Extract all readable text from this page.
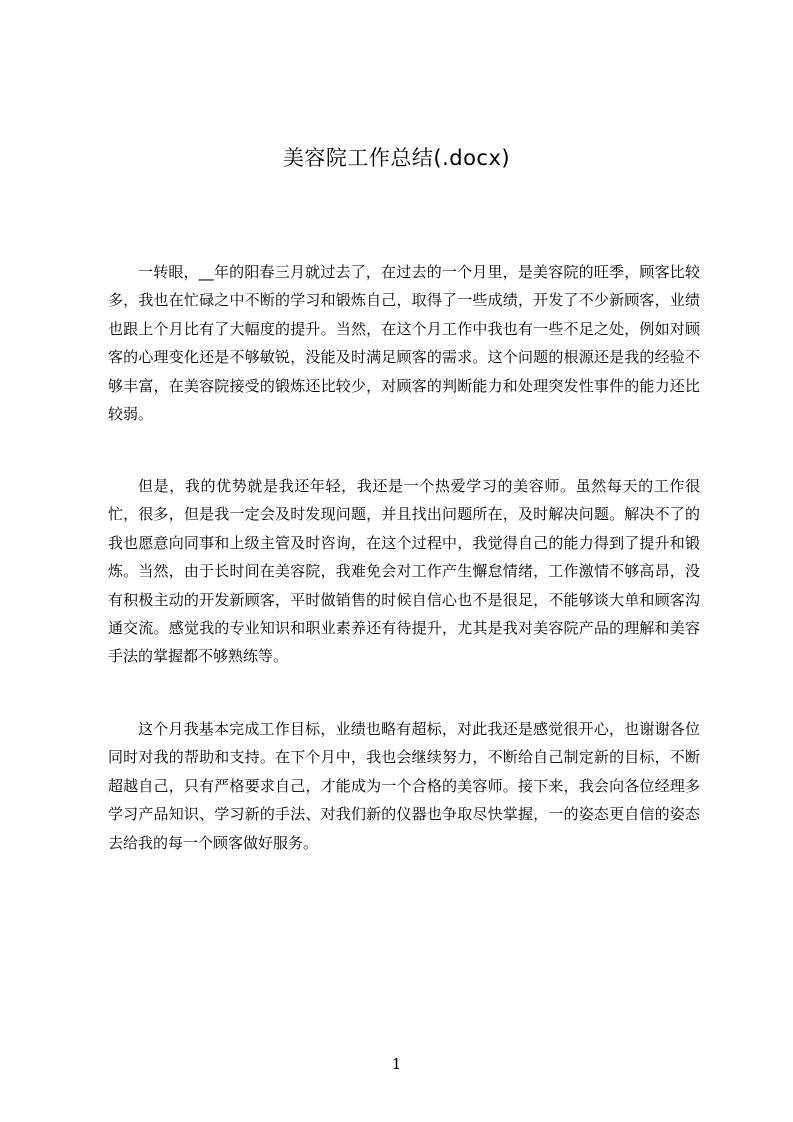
美容院工作总结(.docx)

一转眼，__年的阳春三月就过去了，在过去的一个月里，是美容院的旺季，顾客比较多，我也在忙碌之中不断的学习和锻炼自己，取得了一些成绩，开发了不少新顾客，业绩也跟上个月比有了大幅度的提升。当然，在这个月工作中我也有一些不足之处，例如对顾客的心理变化还是不够敏锐，没能及时满足顾客的需求。这个问题的根源还是我的经验不够丰富，在美容院接受的锻炼还比较少，对顾客的判断能力和处理突发性事件的能力还比较弱。

但是，我的优势就是我还年轻，我还是一个热爱学习的美容师。虽然每天的工作很忙，很多，但是我一定会及时发现问题，并且找出问题所在，及时解决问题。解决不了的我也愿意向同事和上级主管及时咨询，在这个过程中，我觉得自己的能力得到了提升和锻炼。当然，由于长时间在美容院，我难免会对工作产生懈怠情绪，工作激情不够高昂，没有积极主动的开发新顾客，平时做销售的时候自信心也不是很足，不能够谈大单和顾客沟通交流。感觉我的专业知识和职业素养还有待提升，尤其是我对美容院产品的理解和美容手法的掌握都不够熟练等。

这个月我基本完成工作目标，业绩也略有超标，对此我还是感觉很开心，也谢谢各位同时对我的帮助和支持。在下个月中，我也会继续努力，不断给自己制定新的目标，不断超越自己，只有严格要求自己，才能成为一个合格的美容师。接下来，我会向各位经理多学习产品知识、学习新的手法、对我们新的仪器也争取尽快掌握，一的姿态更自信的姿态去给我的每一个顾客做好服务。

1
